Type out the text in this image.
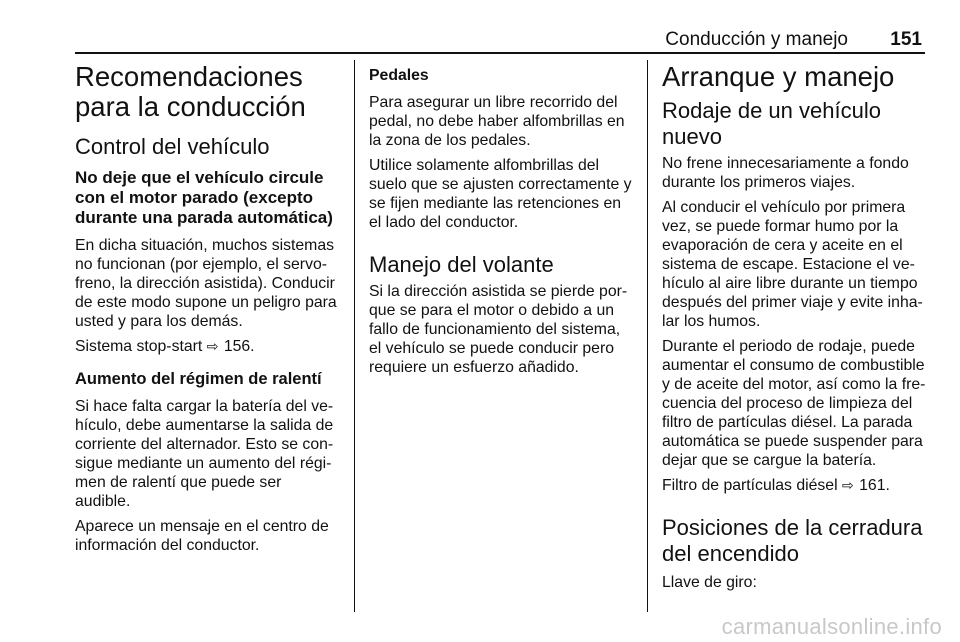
Conducción y manejo	151
Recomendaciones para la conducción
Control del vehículo
No deje que el vehículo circule con el motor parado (excepto durante una parada automática)

En dicha situación, muchos sistemas no funcionan (por ejemplo, el servofreno, la dirección asistida). Conducir de este modo supone un peligro para usted y para los demás.

Sistema stop-start ⇨ 156.

Aumento del régimen de ralentí

Si hace falta cargar la batería del vehículo, debe aumentarse la salida de corriente del alternador. Esto se consigue mediante un aumento del régimen de ralentí que puede ser audible.

Aparece un mensaje en el centro de información del conductor.

Pedales

Para asegurar un libre recorrido del pedal, no debe haber alfombrillas en la zona de los pedales.

Utilice solamente alfombrillas del suelo que se ajusten correctamente y se fijen mediante las retenciones en el lado del conductor.

Manejo del volante

Si la dirección asistida se pierde porque se para el motor o debido a un fallo de funcionamiento del sistema, el vehículo se puede conducir pero requiere un esfuerzo añadido.

Arranque y manejo
Rodaje de un vehículo nuevo

No frene innecesariamente a fondo durante los primeros viajes.

Al conducir el vehículo por primera vez, se puede formar humo por la evaporación de cera y aceite en el sistema de escape. Estacione el vehículo al aire libre durante un tiempo después del primer viaje y evite inhalar los humos.

Durante el periodo de rodaje, puede aumentar el consumo de combustible y de aceite del motor, así como la frecuencia del proceso de limpieza del filtro de partículas diésel. La parada automática se puede suspender para dejar que se cargue la batería.

Filtro de partículas diésel ⇨ 161.

Posiciones de la cerradura del encendido

Llave de giro:

carmanualsonline.info
